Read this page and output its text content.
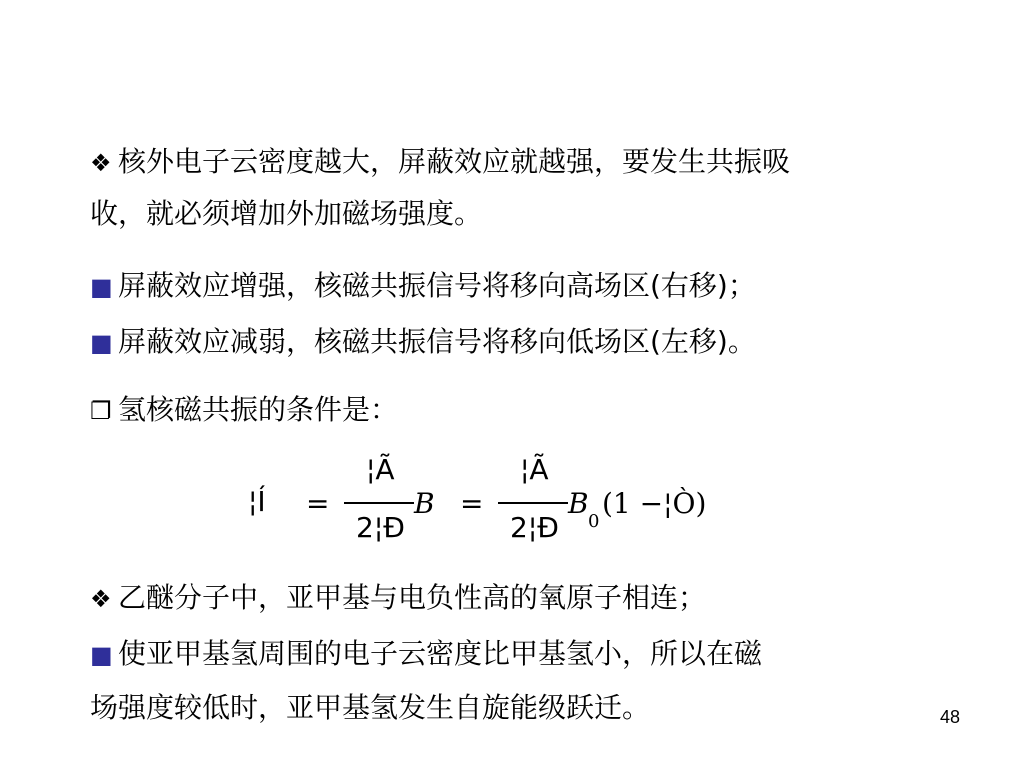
❖ 核外电子云密度越大，屏蔽效应就越强，要发生共振吸
收，就必须增加外加磁场强度。
■ 屏蔽效应增强，核磁共振信号将移向高场区(右移)；
■ 屏蔽效应减弱，核磁共振信号将移向低场区(左移)。
❐ 氢核磁共振的条件是：
¦Í =
¦Ã
2¦Ð
B =
¦Ã
2¦Ð
B
0
(1 −¦Ò)
❖ 乙醚分子中，亚甲基与电负性高的氧原子相连；
■ 使亚甲基氢周围的电子云密度比甲基氢小，所以在磁
场强度较低时，亚甲基氢发生自旋能级跃迁。	48
